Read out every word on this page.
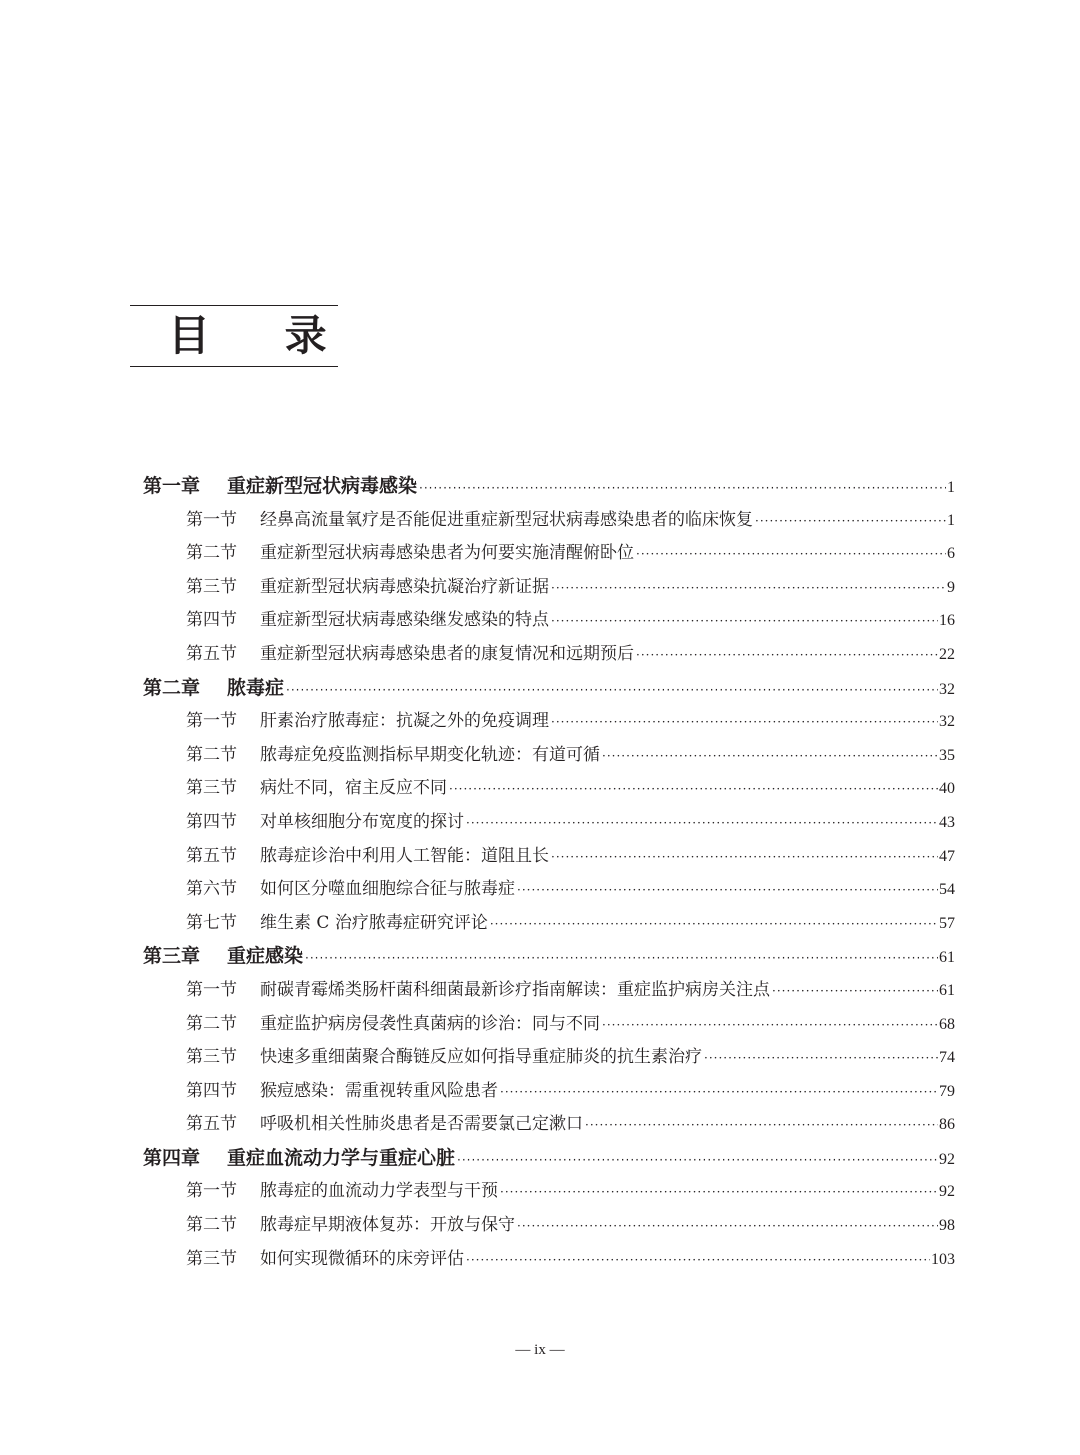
目 录
第一章	重症新型冠状病毒感染 ·····	1
第一节	经鼻高流量氧疗是否能促进重症新型冠状病毒感染患者的临床恢复 ·····	1
第二节	重症新型冠状病毒感染患者为何要实施清醒俯卧位 ·····	6
第三节	重症新型冠状病毒感染抗凝治疗新证据 ·····	9
第四节	重症新型冠状病毒感染继发感染的特点 ·····	16
第五节	重症新型冠状病毒感染患者的康复情况和远期预后 ·····	22
第二章	脓毒症 ·····	32
第一节	肝素治疗脓毒症：抗凝之外的免疫调理 ·····	32
第二节	脓毒症免疫监测指标早期变化轨迹：有道可循 ·····	35
第三节	病灶不同，宿主反应不同 ·····	40
第四节	对单核细胞分布宽度的探讨 ·····	43
第五节	脓毒症诊治中利用人工智能：道阻且长 ·····	47
第六节	如何区分噬血细胞综合征与脓毒症 ·····	54
第七节	维生素 C 治疗脓毒症研究评论 ·····	57
第三章	重症感染 ·····	61
第一节	耐碳青霉烯类肠杆菌科细菌最新诊疗指南解读：重症监护病房关注点 ·····	61
第二节	重症监护病房侵袭性真菌病的诊治：同与不同 ·····	68
第三节	快速多重细菌聚合酶链反应如何指导重症肺炎的抗生素治疗 ·····	74
第四节	猴痘感染：需重视转重风险患者 ·····	79
第五节	呼吸机相关性肺炎患者是否需要氯己定漱口 ·····	86
第四章	重症血流动力学与重症心脏 ·····	92
第一节	脓毒症的血流动力学表型与干预 ·····	92
第二节	脓毒症早期液体复苏：开放与保守 ·····	98
第三节	如何实现微循环的床旁评估 ·····	103
— ix —
